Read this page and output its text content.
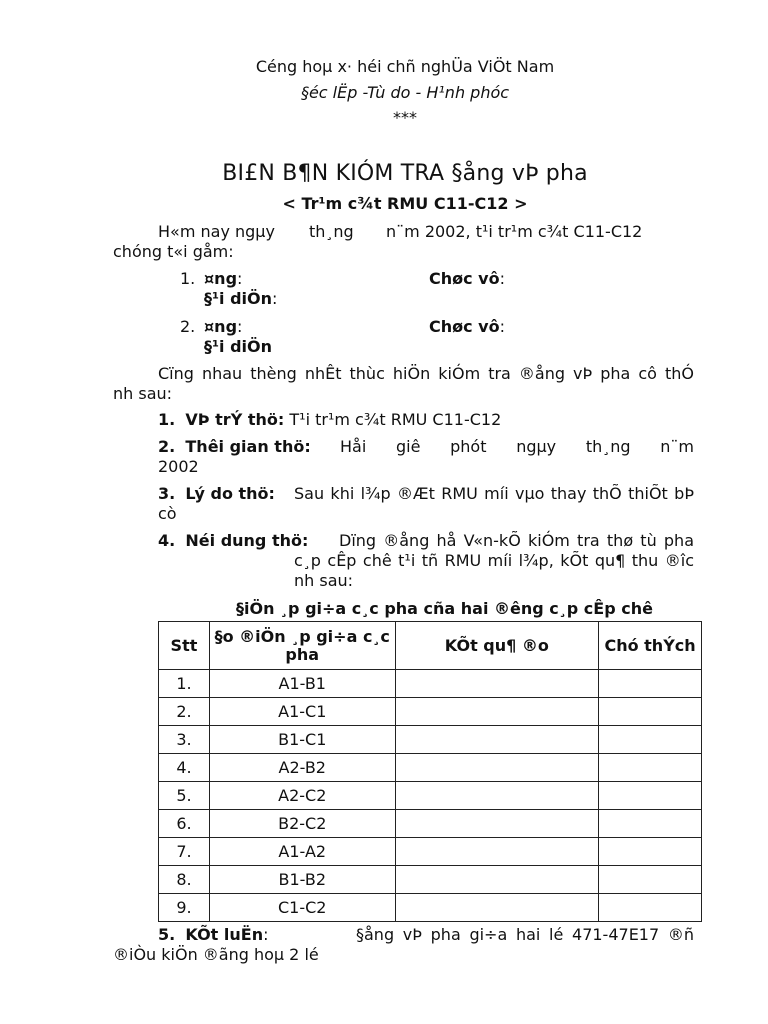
Céng hoµ x· héi chñ nghÜa ViÖt Nam
§éc lËp -Tù do - H¹nh phóc
***
BI£N B¶N KIÓM TRA §ång vÞ pha
< Tr¹m c¾t RMU C11-C12 >
H«m nay ngµy th¸ng n¨m 2002, t¹i tr¹m c¾t C11-C12
chóng t«i gåm:
1. ¤ng:	Chøc vô:
§¹i diÖn:
2. ¤ng:	Chøc vô:
§¹i diÖn
Cïng nhau thèng nhÊt thùc hiÖn kiÓm tra ®ång vÞ pha cô thÓ
nh sau:
1. VÞ trÝ thö: T¹i tr¹m c¾t RMU C11-C12
2. Thêi gian thö: Håi giê phót ngµy th¸ng n¨m
2002
3. Lý do thö: Sau khi l¾p ®Æt RMU míi vµo thay thÕ thiÕt bÞ
cò
4. Néi dung thö: Dïng ®ång hå V«n-kÕ kiÓm tra thø tù pha
c¸p cÊp chê t¹i tñ RMU míi l¾p, kÕt qu¶ thu ®îc
nh sau:
§iÖn ¸p gi÷a c¸c pha cña hai ®êng c¸p cÊp chê
Stt	§o ®iÖn ¸p gi÷a c¸c pha	KÕt qu¶ ®o	Chó thÝch
1.	A1-B1		
2.	A1-C1		
3.	B1-C1		
4.	A2-B2		
5.	A2-C2		
6.	B2-C2		
7.	A1-A2		
8.	B1-B2		
9.	C1-C2		
5. KÕt luËn:	§ång vÞ pha gi÷a hai lé 471-47E17 ®ñ
®iÒu kiÖn ®ãng hoµ 2 lé
